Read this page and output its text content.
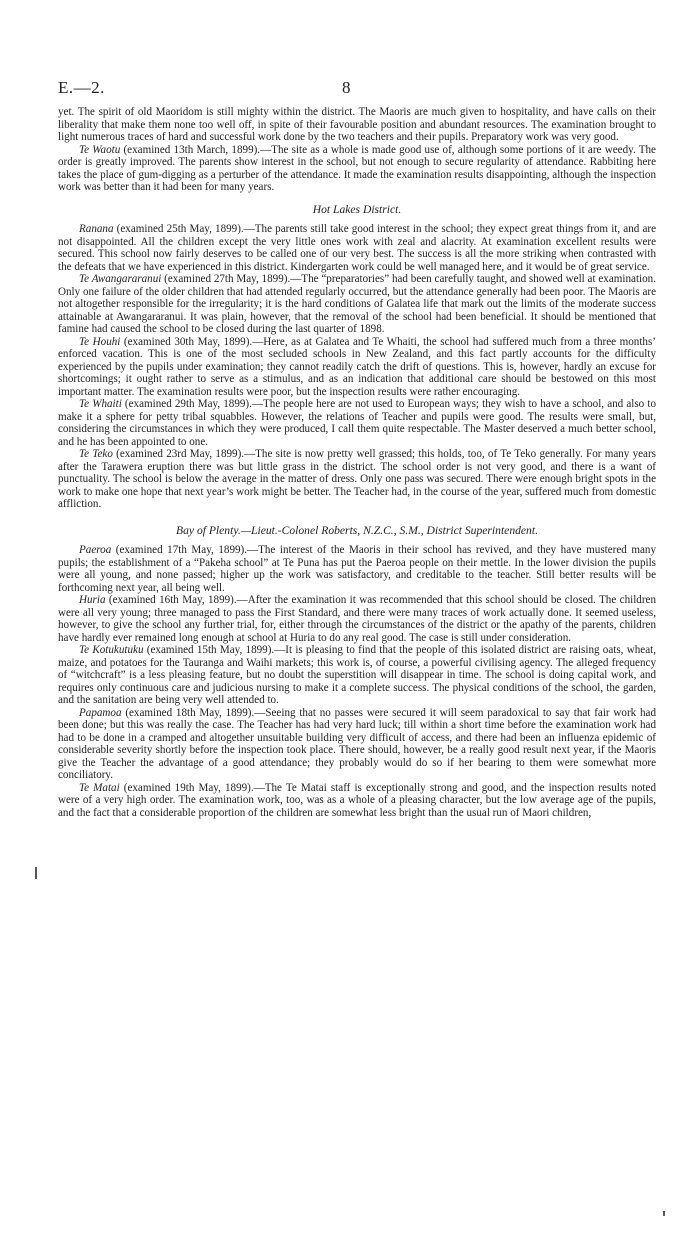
E.—2.	8

yet. The spirit of old Maoridom is still mighty within the district. The Maoris are much given to hospitality, and have calls on their liberality that make them none too well off, in spite of their favourable position and abundant resources. The examination brought to light numerous traces of hard and successful work done by the two teachers and their pupils. Preparatory work was very good.

Te Waotu (examined 13th March, 1899).—The site as a whole is made good use of, although some portions of it are weedy. The order is greatly improved. The parents show interest in the school, but not enough to secure regularity of attendance. Rabbiting here takes the place of gum-digging as a perturber of the attendance. It made the examination results disappointing, although the inspection work was better than it had been for many years.

Hot Lakes District.

Ranana (examined 25th May, 1899).—The parents still take good interest in the school; they expect great things from it, and are not disappointed. All the children except the very little ones work with zeal and alacrity. At examination excellent results were secured. This school now fairly deserves to be called one of our very best. The success is all the more striking when contrasted with the defeats that we have experienced in this district. Kindergarten work could be well managed here, and it would be of great service.

Te Awangararanui (examined 27th May, 1899).—The “preparatories” had been carefully taught, and showed well at examination. Only one failure of the older children that had attended regularly occurred, but the attendance generally had been poor. The Maoris are not altogether responsible for the irregularity; it is the hard conditions of Galatea life that mark out the limits of the moderate success attainable at Awangararanui. It was plain, however, that the removal of the school had been beneficial. It should be mentioned that famine had caused the school to be closed during the last quarter of 1898.

Te Houhi (examined 30th May, 1899).—Here, as at Galatea and Te Whaiti, the school had suffered much from a three months’ enforced vacation. This is one of the most secluded schools in New Zealand, and this fact partly accounts for the difficulty experienced by the pupils under examination; they cannot readily catch the drift of questions. This is, however, hardly an excuse for shortcomings; it ought rather to serve as a stimulus, and as an indication that additional care should be bestowed on this most important matter. The examination results were poor, but the inspection results were rather encouraging.

Te Whaiti (examined 29th May, 1899).—The people here are not used to European ways; they wish to have a school, and also to make it a sphere for petty tribal squabbles. However, the relations of Teacher and pupils were good. The results were small, but, considering the circumstances in which they were produced, I call them quite respectable. The Master deserved a much better school, and he has been appointed to one.

Te Teko (examined 23rd May, 1899).—The site is now pretty well grassed; this holds, too, of Te Teko generally. For many years after the Tarawera eruption there was but little grass in the district. The school order is not very good, and there is a want of punctuality. The school is below the average in the matter of dress. Only one pass was secured. There were enough bright spots in the work to make one hope that next year’s work might be better. The Teacher had, in the course of the year, suffered much from domestic affliction.

Bay of Plenty.—Lieut.-Colonel Roberts, N.Z.C., S.M., District Superintendent.

Paeroa (examined 17th May, 1899).—The interest of the Maoris in their school has revived, and they have mustered many pupils; the establishment of a “Pakeha school” at Te Puna has put the Paeroa people on their mettle. In the lower division the pupils were all young, and none passed; higher up the work was satisfactory, and creditable to the teacher. Still better results will be forthcoming next year, all being well.

Huria (examined 16th May, 1899).—After the examination it was recommended that this school should be closed. The children were all very young; three managed to pass the First Standard, and there were many traces of work actually done. It seemed useless, however, to give the school any further trial, for, either through the circumstances of the district or the apathy of the parents, children have hardly ever remained long enough at school at Huria to do any real good. The case is still under consideration.

Te Kotukutuku (examined 15th May, 1899).—It is pleasing to find that the people of this isolated district are raising oats, wheat, maize, and potatoes for the Tauranga and Waihi markets; this work is, of course, a powerful civilising agency. The alleged frequency of “witchcraft” is a less pleasing feature, but no doubt the superstition will disappear in time. The school is doing capital work, and requires only continuous care and judicious nursing to make it a complete success. The physical conditions of the school, the garden, and the sanitation are being very well attended to.

Papamoa (examined 18th May, 1899).—Seeing that no passes were secured it will seem paradoxical to say that fair work had been done; but this was really the case. The Teacher has had very hard luck; till within a short time before the examination work had had to be done in a cramped and altogether unsuitable building very difficult of access, and there had been an influenza epidemic of considerable severity shortly before the inspection took place. There should, however, be a really good result next year, if the Maoris give the Teacher the advantage of a good attendance; they probably would do so if her bearing to them were somewhat more conciliatory.

Te Matai (examined 19th May, 1899).—The Te Matai staff is exceptionally strong and good, and the inspection results noted were of a very high order. The examination work, too, was as a whole of a pleasing character, but the low average age of the pupils, and the fact that a considerable proportion of the children are somewhat less bright than the usual run of Maori children,
